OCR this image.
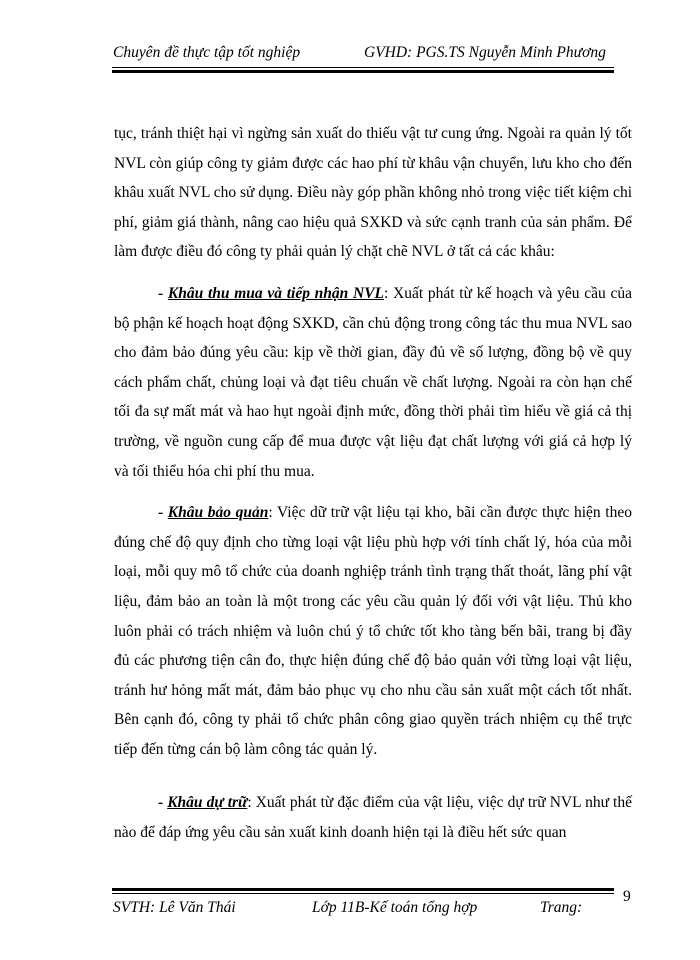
Chuyên đề thực tập tốt nghiệp	GVHD: PGS.TS Nguyễn Minh Phương

tục, tránh thiệt hại vì ngừng sản xuất do thiếu vật tư cung ứng. Ngoài ra quản lý tốt NVL còn giúp công ty giảm được các hao phí từ khâu vận chuyển, lưu kho cho đến khâu xuất NVL cho sử dụng. Điều này góp phần không nhỏ trong việc tiết kiệm chi phí, giảm giá thành, nâng cao hiệu quả SXKD và sức cạnh tranh của sản phẩm. Để làm được điều đó công ty phải quản lý chặt chẽ NVL ở tất cả các khâu:

- Khâu thu mua và tiếp nhận NVL: Xuất phát từ kế hoạch và yêu cầu của bộ phận kế hoạch hoạt động SXKD, cần chủ động trong công tác thu mua NVL sao cho đảm bảo đúng yêu cầu: kịp về thời gian, đầy đủ về số lượng, đồng bộ về quy cách phẩm chất, chủng loại và đạt tiêu chuẩn về chất lượng. Ngoài ra còn hạn chế tối đa sự mất mát và hao hụt ngoài định mức, đồng thời phải tìm hiểu về giá cả thị trường, về nguồn cung cấp để mua được vật liệu đạt chất lượng với giá cả hợp lý và tối thiểu hóa chi phí thu mua.

- Khâu bảo quản: Việc dữ trữ vật liệu tại kho, bãi cần được thực hiện theo đúng chế độ quy định cho từng loại vật liệu phù hợp với tính chất lý, hóa của mỗi loại, mỗi quy mô tổ chức của doanh nghiệp tránh tình trạng thất thoát, lãng phí vật liệu, đảm bảo an toàn là một trong các yêu cầu quản lý đối với vật liệu. Thủ kho luôn phải có trách nhiệm và luôn chú ý tổ chức tốt kho tàng bến bãi, trang bị đầy đủ các phương tiện cân đo, thực hiện đúng chế độ bảo quản với từng loại vật liệu, tránh hư hỏng mất mát, đảm bảo phục vụ cho nhu cầu sản xuất một cách tốt nhất. Bên cạnh đó, công ty phải tổ chức phân công giao quyền trách nhiệm cụ thể trực tiếp đến từng cán bộ làm công tác quản lý.

- Khâu dự trữ: Xuất phát từ đặc điểm của vật liệu, việc dự trữ NVL như thế nào để đáp ứng yêu cầu sản xuất kinh doanh hiện tại là điều hết sức quan

SVTH: Lê Văn Thái	Lớp 11B-Kế toán tổng hợp	Trang:
9
